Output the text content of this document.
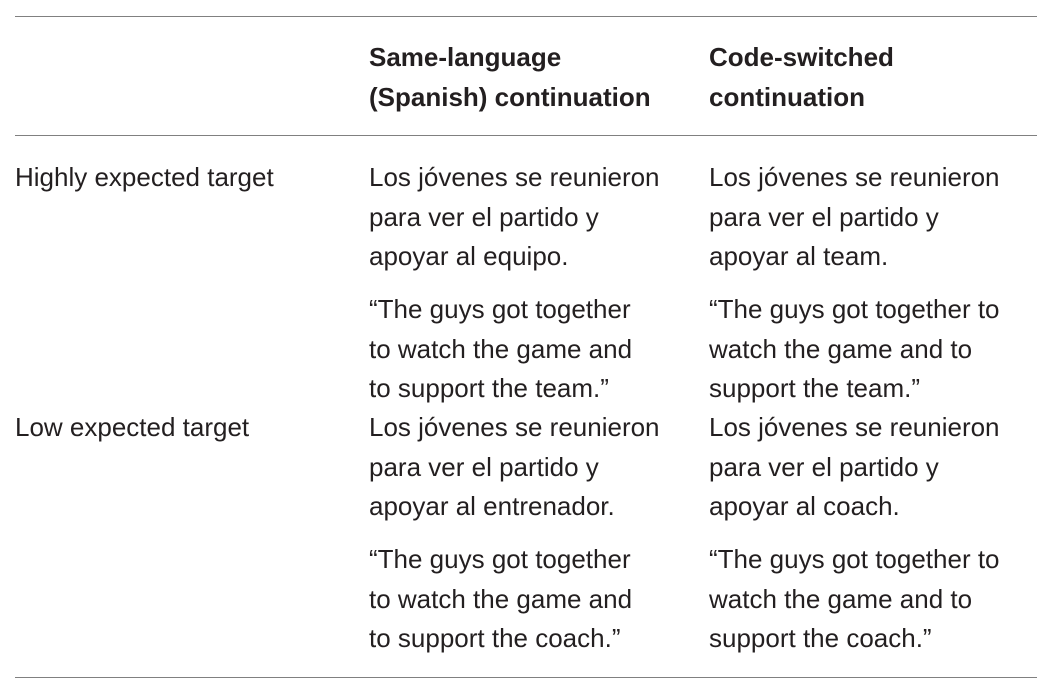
Same-language
(Spanish) continuation
Code-switched
continuation
Highly expected target	Los jóvenes se reunieron
para ver el partido y
apoyar al equipo.
Los jóvenes se reunieron
para ver el partido y
apoyar al team.
“The guys got together
to watch the game and
to support the team.”
“The guys got together to
watch the game and to
support the team.”
Low expected target	Los jóvenes se reunieron
para ver el partido y
apoyar al entrenador.
Los jóvenes se reunieron
para ver el partido y
apoyar al coach.
“The guys got together
to watch the game and
to support the coach.”
“The guys got together to
watch the game and to
support the coach.”
